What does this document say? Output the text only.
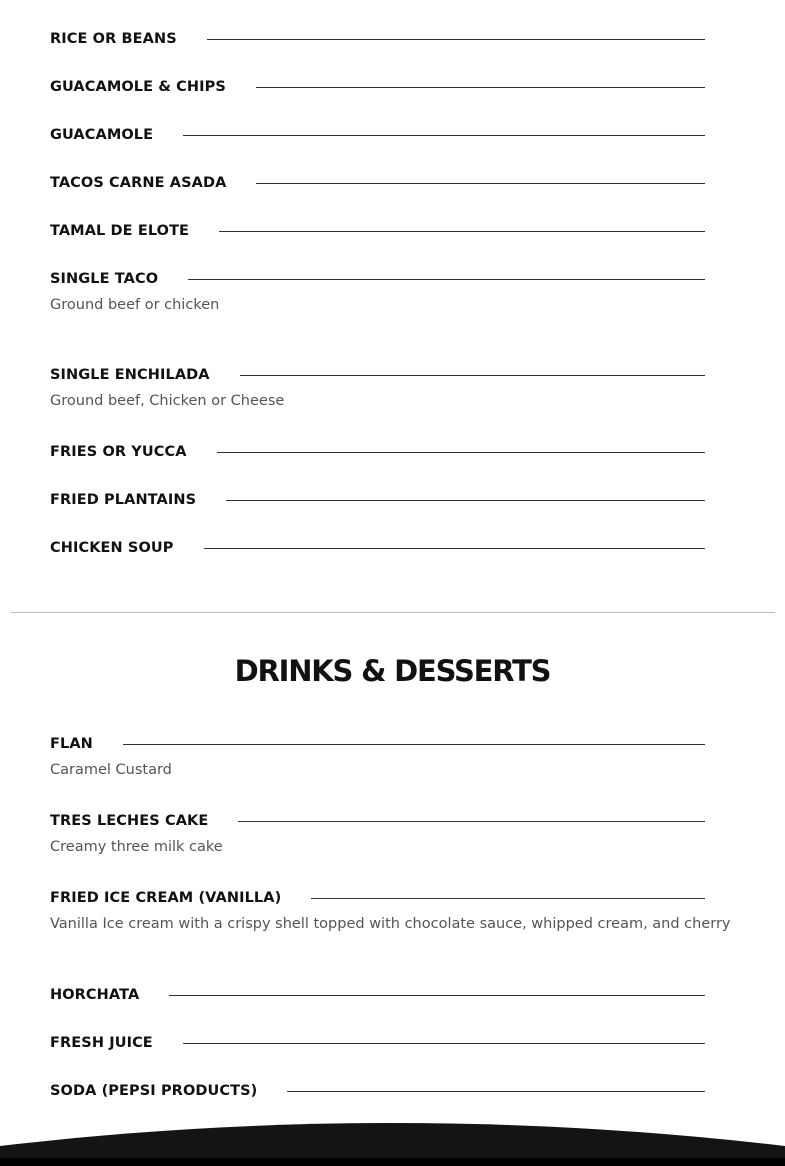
RICE OR BEANS
GUACAMOLE & CHIPS
GUACAMOLE
TACOS CARNE ASADA
TAMAL DE ELOTE
SINGLE TACO
Ground beef or chicken
SINGLE ENCHILADA
Ground beef, Chicken or Cheese
FRIES OR YUCCA
FRIED PLANTAINS
CHICKEN SOUP
DRINKS & DESSERTS
FLAN
Caramel Custard
TRES LECHES CAKE
Creamy three milk cake
FRIED ICE CREAM (VANILLA)
Vanilla Ice cream with a crispy shell topped with chocolate sauce, whipped cream, and cherry
HORCHATA
FRESH JUICE
SODA (PEPSI PRODUCTS)
